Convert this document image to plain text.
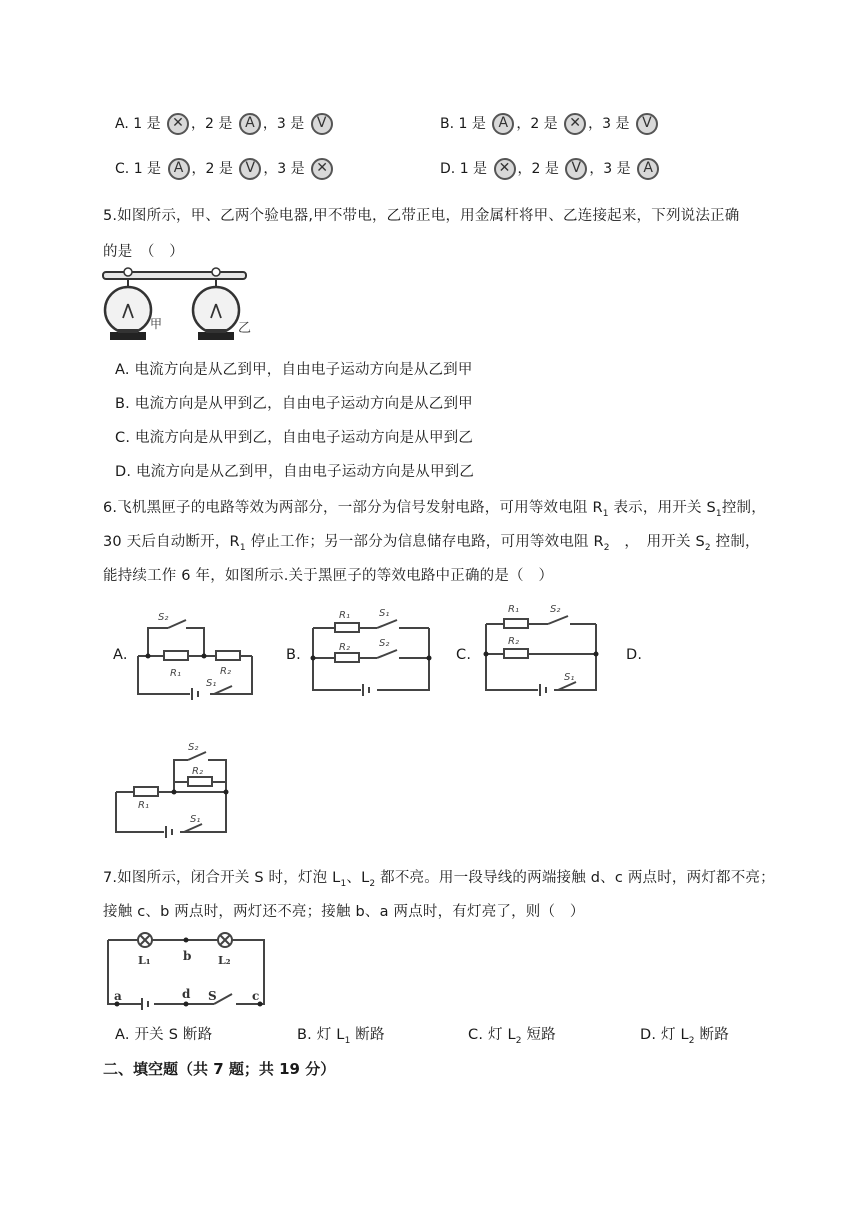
A. 1 是 ✕ ，2 是 A ，3 是 V	B. 1 是 A ，2 是 ✕ ，3 是 V
C. 1 是 A ，2 是 V ，3 是 ✕	D. 1 是 ✕ ，2 是 V ，3 是 A
5.如图所示，甲、乙两个验电器,甲不带电，乙带正电，用金属杆将甲、乙连接起来，下列说法正确
的是　（　）
甲	乙
A. 电流方向是从乙到甲，自由电子运动方向是从乙到甲
B. 电流方向是从甲到乙，自由电子运动方向是从乙到甲
C. 电流方向是从甲到乙，自由电子运动方向是从甲到乙
D. 电流方向是从乙到甲，自由电子运动方向是从甲到乙
6.飞机黑匣子的电路等效为两部分，一部分为信号发射电路，可用等效电阻 $R_1$ 表示，用开关 $S_1$控制，
30 天后自动断开，$R_1$ 停止工作；另一部分为信息储存电路，可用等效电阻 $R_2$　，　用开关 $S_2$ 控制，
能持续工作 6 年，如图所示.关于黑匣子的等效电路中正确的是（　）
A.
S₂
R₁	R₂
S₁
B.
R₁	S₁
R₂	S₂
C.
R₁	S₂
R₂
S₁
D.
S₂
R₂
R₁
S₁
7.如图所示，闭合开关 S 时，灯泡 $L_1$、$L_2$ 都不亮。用一段导线的两端接触 d、c 两点时，两灯都不亮；
接触 c、b 两点时，两灯还不亮；接触 b、a 两点时，有灯亮了，则（　）
L₁	b L₂
a	d S	c
A. 开关 S 断路	B. 灯 $L_1$ 断路	C. 灯 $L_2$ 短路	D. 灯 $L_2$ 断路
二、填空题（共 7 题；共 19 分）
